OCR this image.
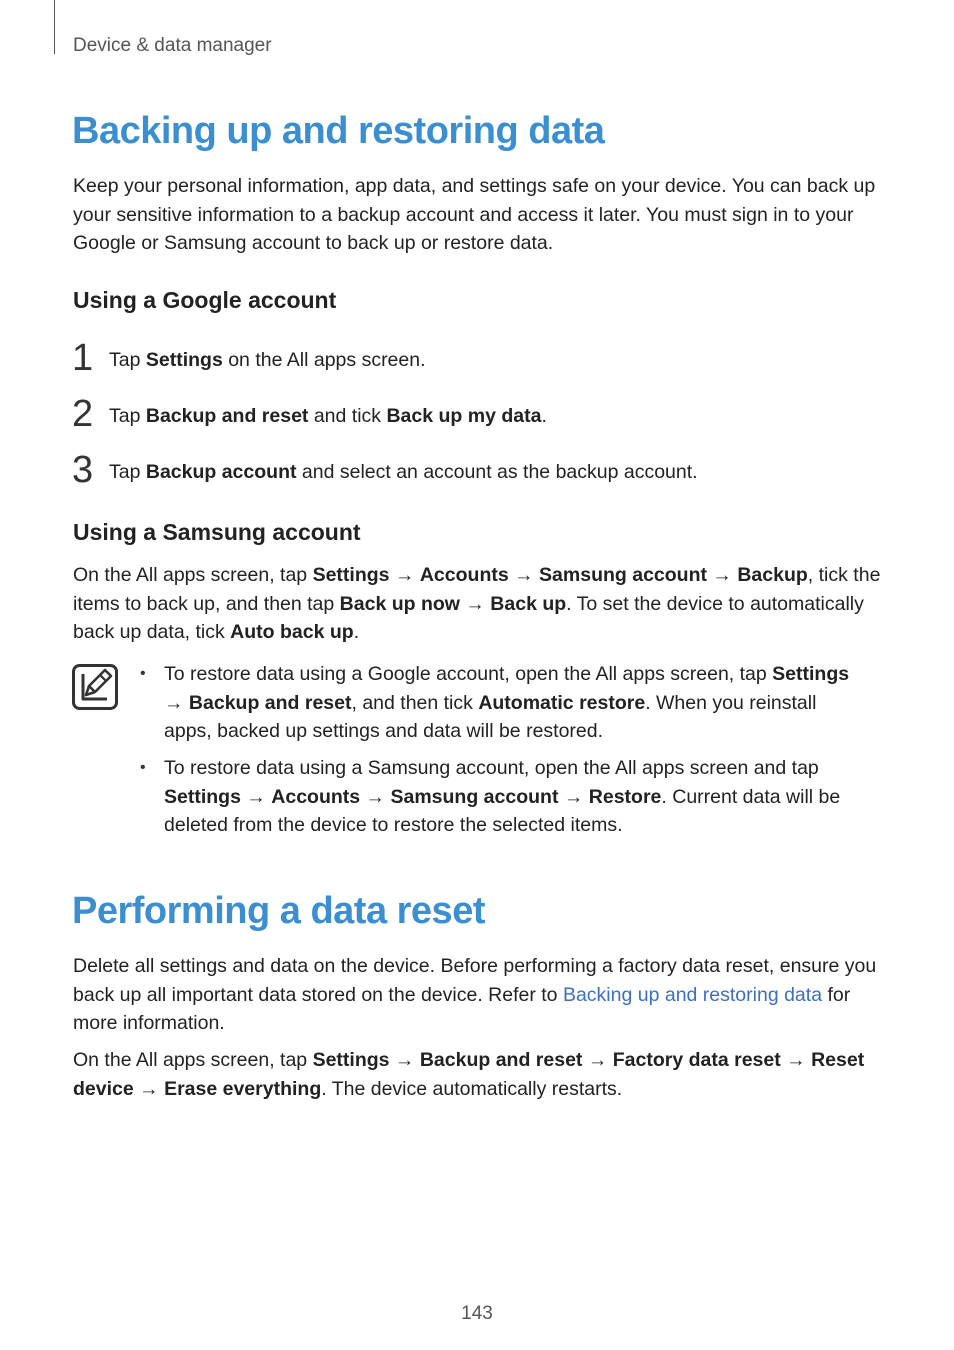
Device & data manager
Backing up and restoring data
Keep your personal information, app data, and settings safe on your device. You can back up your sensitive information to a backup account and access it later. You must sign in to your Google or Samsung account to back up or restore data.
Using a Google account
1 Tap Settings on the All apps screen.
2 Tap Backup and reset and tick Back up my data.
3 Tap Backup account and select an account as the backup account.
Using a Samsung account
On the All apps screen, tap Settings → Accounts → Samsung account → Backup, tick the items to back up, and then tap Back up now → Back up. To set the device to automatically back up data, tick Auto back up.
• To restore data using a Google account, open the All apps screen, tap Settings → Backup and reset, and then tick Automatic restore. When you reinstall apps, backed up settings and data will be restored.
• To restore data using a Samsung account, open the All apps screen and tap Settings → Accounts → Samsung account → Restore. Current data will be deleted from the device to restore the selected items.
Performing a data reset
Delete all settings and data on the device. Before performing a factory data reset, ensure you back up all important data stored on the device. Refer to Backing up and restoring data for more information.
On the All apps screen, tap Settings → Backup and reset → Factory data reset → Reset device → Erase everything. The device automatically restarts.
143
